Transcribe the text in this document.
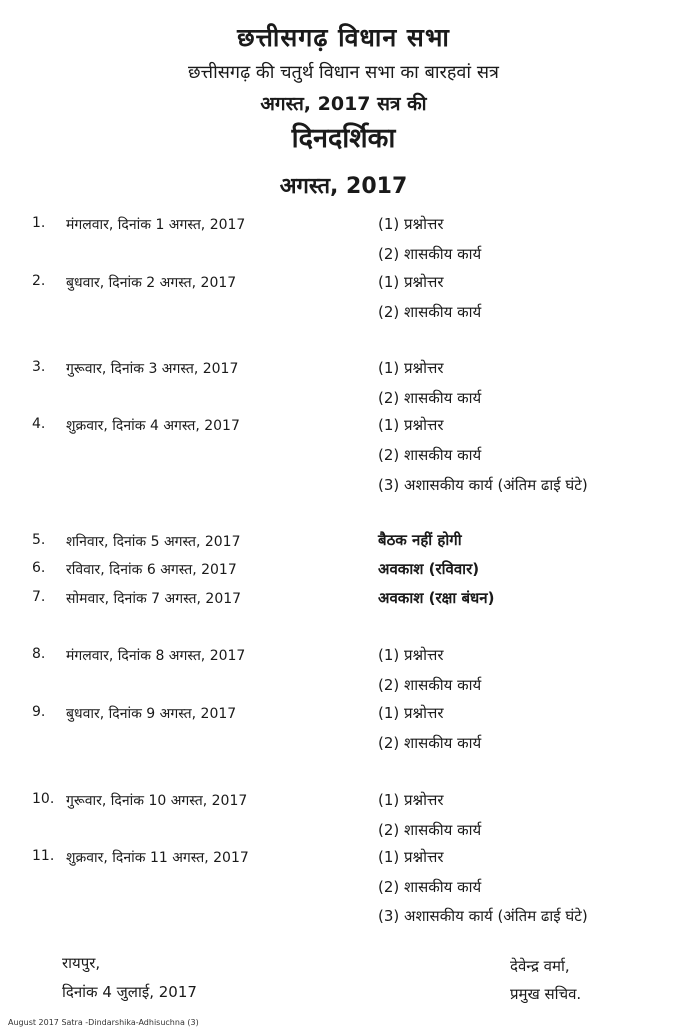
छत्तीसगढ़ विधान सभा
छत्तीसगढ़ की चतुर्थ विधान सभा का बारहवां सत्र
अगस्त, 2017 सत्र की
दिनदर्शिका
अगस्त, 2017
1.	मंगलवार, दिनांक 1 अगस्त, 2017	(1) प्रश्नोत्तर
(2) शासकीय कार्य
2.	बुधवार, दिनांक 2 अगस्त, 2017	(1) प्रश्नोत्तर
(2) शासकीय कार्य
3.	गुरूवार, दिनांक 3 अगस्त, 2017	(1) प्रश्नोत्तर
(2) शासकीय कार्य
4.	शुक्रवार, दिनांक 4 अगस्त, 2017	(1) प्रश्नोत्तर
(2) शासकीय कार्य
(3) अशासकीय कार्य (अंतिम ढाई घंटे)
5.	शनिवार, दिनांक 5 अगस्त, 2017	बैठक नहीं होगी
6.	रविवार, दिनांक 6 अगस्त, 2017	अवकाश (रविवार)
7.	सोमवार, दिनांक 7 अगस्त, 2017	अवकाश (रक्षा बंधन)
8.	मंगलवार, दिनांक 8 अगस्त, 2017	(1) प्रश्नोत्तर
(2) शासकीय कार्य
9.	बुधवार, दिनांक 9 अगस्त, 2017	(1) प्रश्नोत्तर
(2) शासकीय कार्य
10. गुरूवार, दिनांक 10 अगस्त, 2017	(1) प्रश्नोत्तर
(2) शासकीय कार्य
11. शुक्रवार, दिनांक 11 अगस्त, 2017	(1) प्रश्नोत्तर
(2) शासकीय कार्य
(3) अशासकीय कार्य (अंतिम ढाई घंटे)
रायपुर,
दिनांक 4 जुलाई, 2017
देवेन्द्र वर्मा,
प्रमुख सचिव.
August 2017 Satra -Dindarshika-Adhisuchna (3)
